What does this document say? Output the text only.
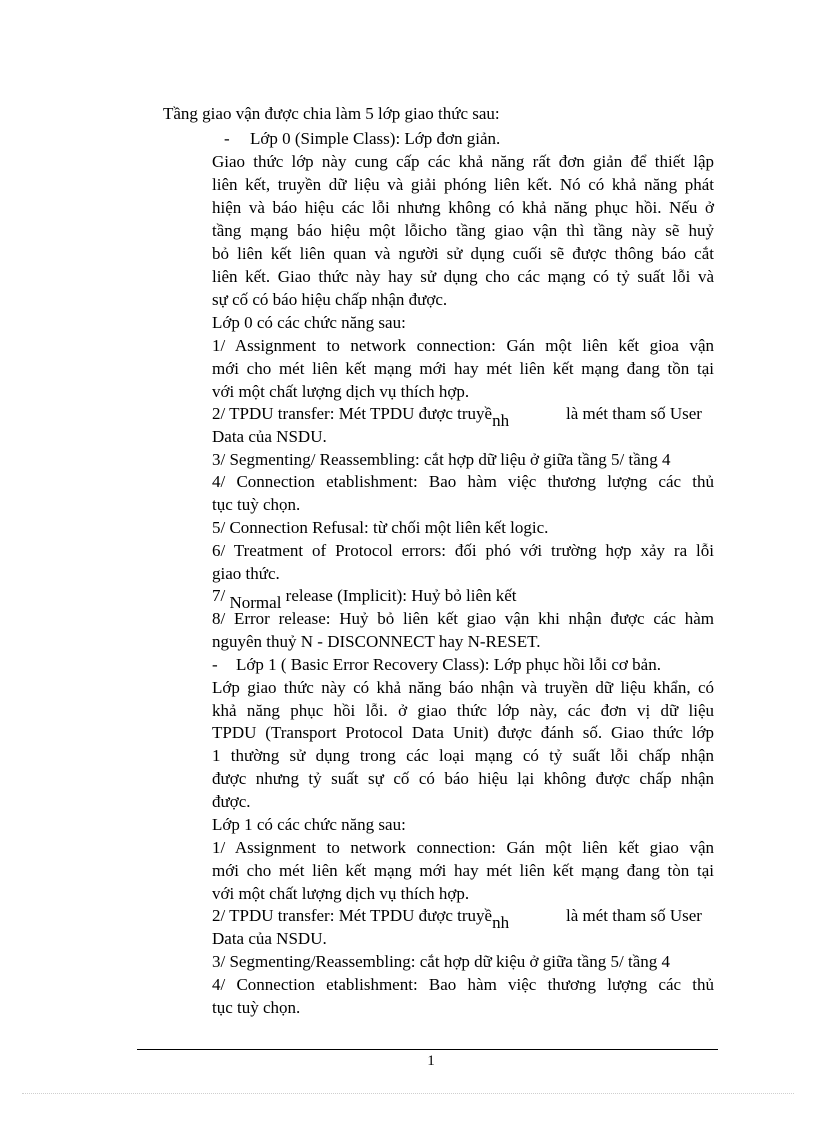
Tầng giao vận được chia làm 5 lớp giao thức sau:
- Lớp 0 (Simple Class): Lớp đơn giản.
Giao thức lớp này cung cấp các khả năng rất đơn giản để thiết lập
liên kết, truyền dữ liệu và giải phóng liên kết. Nó có khả năng phát
hiện và báo hiệu các lỗi nhưng không có khả năng phục hồi. Nếu ở
tầng mạng báo hiệu một lỗicho tầng giao vận thì tầng này sẽ huỷ
bỏ liên kết liên quan và người sử dụng cuối sẽ được thông báo cắt
liên kết. Giao thức này hay sử dụng cho các mạng có tỷ suất lỗi và
sự cố có báo hiệu chấp nhận được.
Lớp 0 có các chức năng sau:
1/ Assignment to network connection: Gán một liên kết gioa vận
mới cho mét liên kết mạng mới hay mét liên kết mạng đang tồn tại
với một chất lượng dịch vụ thích hợp.
2/ TPDU transfer: Mét TPDU được truyềnh	là mét tham số User
Data của NSDU.
3/ Segmenting/ Reassembling: cắt hợp dữ liệu ở giữa tầng 5/ tầng 4
4/ Connection etablishment: Bao hàm việc thương lượng các thủ
tục tuỳ chọn.
5/ Connection Refusal: từ chối một liên kết logic.
6/ Treatment of Protocol errors: đối phó với trường hợp xảy ra lỗi
giao thức.
7/ Normal release (Implicit): Huỷ bỏ liên kết
8/ Error release: Huỷ bỏ liên kết giao vận khi nhận được các hàm
nguyên thuỷ N - DISCONNECT hay N-RESET.
- Lớp 1 ( Basic Error Recovery Class): Lớp phục hồi lỗi cơ bản.
Lớp giao thức này có khả năng báo nhận và truyền dữ liệu khẩn, có
khả năng phục hồi lỗi. ở giao thức lớp này, các đơn vị dữ liệu
TPDU (Transport Protocol Data Unit) được đánh số. Giao thức lớp
1 thường sử dụng trong các loại mạng có tỷ suất lỗi chấp nhận
được nhưng tỷ suất sự cố có báo hiệu lại không được chấp nhận
được.
Lớp 1 có các chức năng sau:
1/ Assignment to network connection: Gán một liên kết giao vận
mới cho mét liên kết mạng mới hay mét liên kết mạng đang tòn tại
với một chất lượng dịch vụ thích hợp.
2/ TPDU transfer: Mét TPDU được truyềnh	là mét tham số User
Data của NSDU.
3/ Segmenting/Reassembling: cắt hợp dữ kiệu ở giữa tầng 5/ tầng 4
4/ Connection etablishment: Bao hàm việc thương lượng các thủ
tục tuỳ chọn.
1
